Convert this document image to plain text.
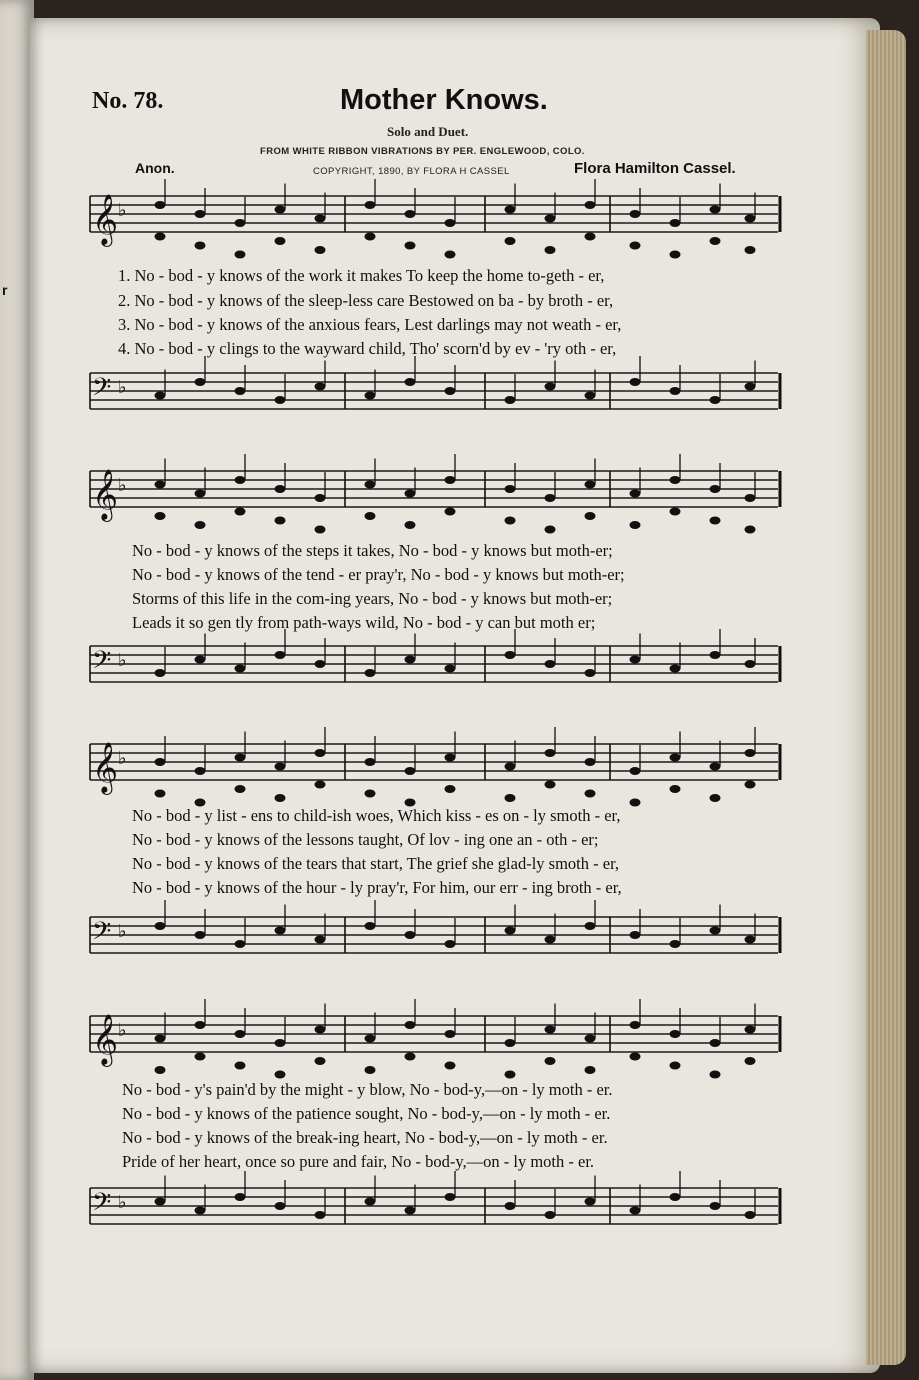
r
No. 78.	Mother Knows.
Solo and Duet.
FROM WHITE RIBBON VIBRATIONS BY PER. ENGLEWOOD, COLO.
Anon.	COPYRIGHT, 1890, BY FLORA H CASSEL	Flora Hamilton Cassel.
𝄞 ♭
𝄢 ♭
𝄞 ♭
𝄢 ♭
𝄞 ♭
𝄢 ♭
𝄞 ♭
𝄢 ♭
1. No - bod - y knows of the work it makes To keep the home to-geth - er,
2. No - bod - y knows of the sleep-less care Bestowed on ba - by broth - er,
3. No - bod - y knows of the anxious fears, Lest darlings may not weath - er,
4. No - bod - y clings to the wayward child, Tho' scorn'd by ev - 'ry oth - er,
No - bod - y knows of the steps it takes, No - bod - y knows but moth-er;
No - bod - y knows of the tend - er pray'r, No - bod - y knows but moth-er;
Storms of this life in the com-ing years, No - bod - y knows but moth-er;
Leads it so gen tly from path-ways wild, No - bod - y can but moth er;
No - bod - y list - ens to child-ish woes, Which kiss - es on - ly smoth - er,
No - bod - y knows of the lessons taught, Of lov - ing one an - oth - er;
No - bod - y knows of the tears that start, The grief she glad-ly smoth - er,
No - bod - y knows of the hour - ly pray'r, For him, our err - ing broth - er,
No - bod - y's pain'd by the might - y blow, No - bod-y,—on - ly moth - er.
No - bod - y knows of the patience sought, No - bod-y,—on - ly moth - er.
No - bod - y knows of the break-ing heart, No - bod-y,—on - ly moth - er.
Pride of her heart, once so pure and fair, No - bod-y,—on - ly moth - er.
